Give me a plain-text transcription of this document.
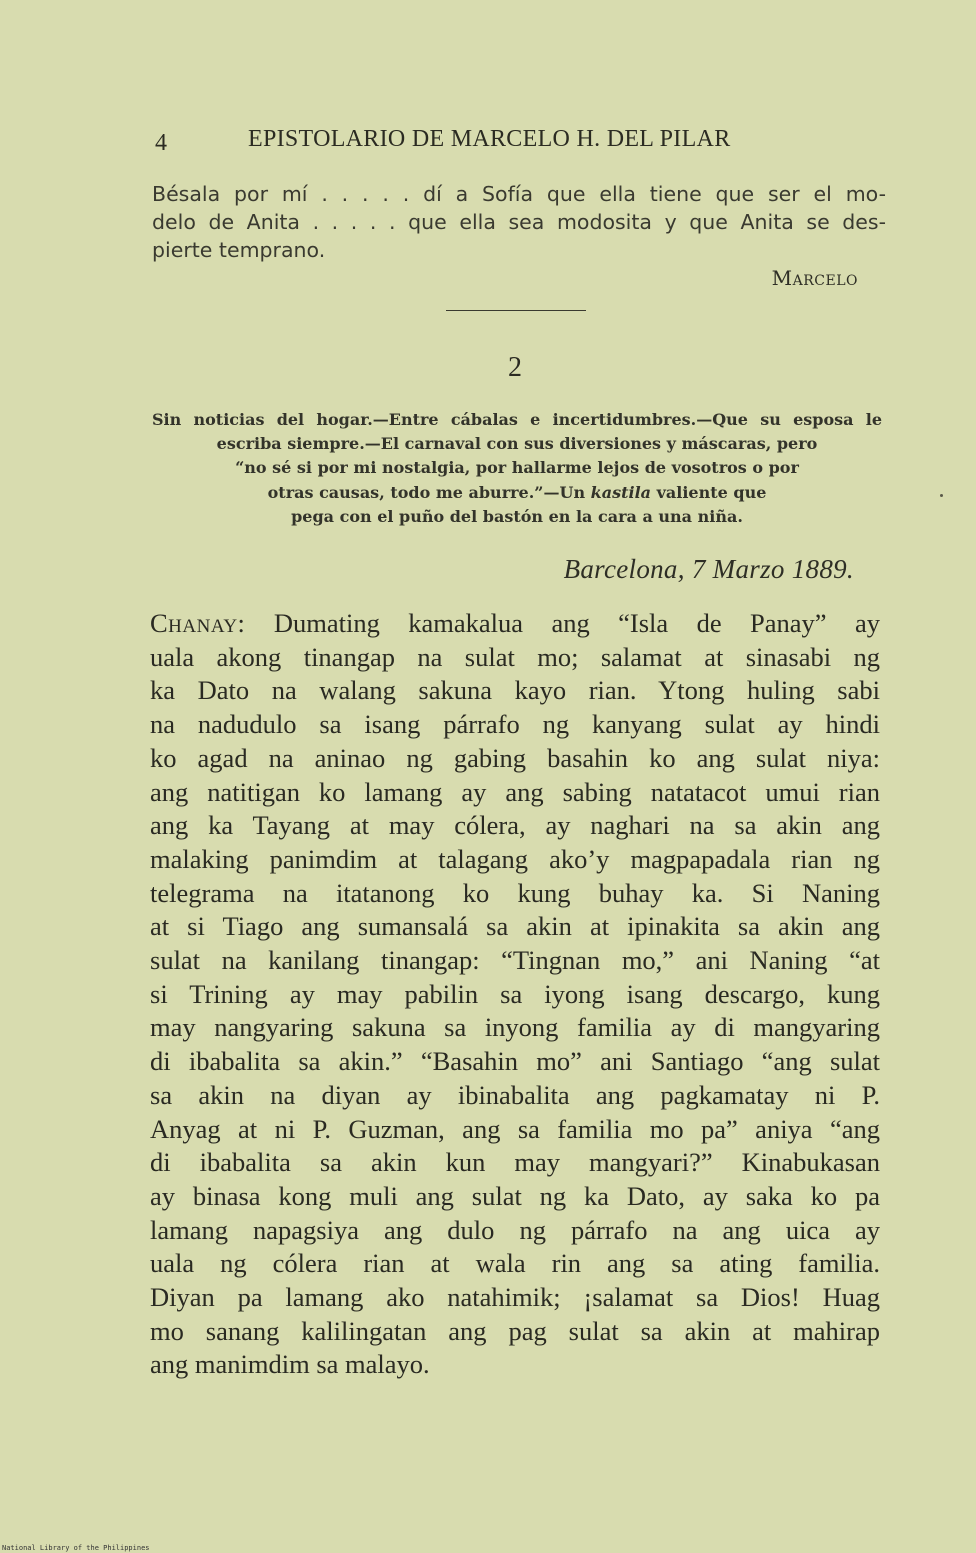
4	EPISTOLARIO DE MARCELO H. DEL PILAR

Bésala por mí . . . . . dí a Sofía que ella tiene que ser el mo-
delo de Anita . . . . . que ella sea modosita y que Anita se des-
pierte temprano.

Marcelo
2
Sin noticias del hogar.—Entre cábalas e incertidumbres.—Que su esposa le
escriba siempre.—El carnaval con sus diversiones y máscaras, pero
“no sé si por mi nostalgia, por hallarme lejos de vosotros o por
otras causas, todo me aburre.”—Un kastila valiente que
pega con el puño del bastón en la cara a una niña.
Barcelona, 7 Marzo 1889.
Chanay: Dumating kamakalua ang “Isla de Panay” ay
uala akong tinangap na sulat mo; salamat at sinasabi ng
ka Dato na walang sakuna kayo rian. Ytong huling sabi
na nadudulo sa isang párrafo ng kanyang sulat ay hindi
ko agad na aninao ng gabing basahin ko ang sulat niya:
ang natitigan ko lamang ay ang sabing natatacot umui rian
ang ka Tayang at may cólera, ay naghari na sa akin ang
malaking panimdim at talagang ako’y magpapadala rian ng
telegrama na itatanong ko kung buhay ka. Si Naning
at si Tiago ang sumansalá sa akin at ipinakita sa akin ang
sulat na kanilang tinangap: “Tingnan mo,” ani Naning “at
si Trining ay may pabilin sa iyong isang descargo, kung
may nangyaring sakuna sa inyong familia ay di mangyaring
di ibabalita sa akin.” “Basahin mo” ani Santiago “ang sulat
sa akin na diyan ay ibinabalita ang pagkamatay ni P.
Anyag at ni P. Guzman, ang sa familia mo pa” aniya “ang
di ibabalita sa akin kun may mangyari?” Kinabukasan
ay binasa kong muli ang sulat ng ka Dato, ay saka ko pa
lamang napagsiya ang dulo ng párrafo na ang uica ay
uala ng cólera rian at wala rin ang sa ating familia.
Diyan pa lamang ako natahimik; ¡salamat sa Dios! Huag
mo sanang kalilingatan ang pag sulat sa akin at mahirap
ang manimdim sa malayo.
National Library of the Philippines
